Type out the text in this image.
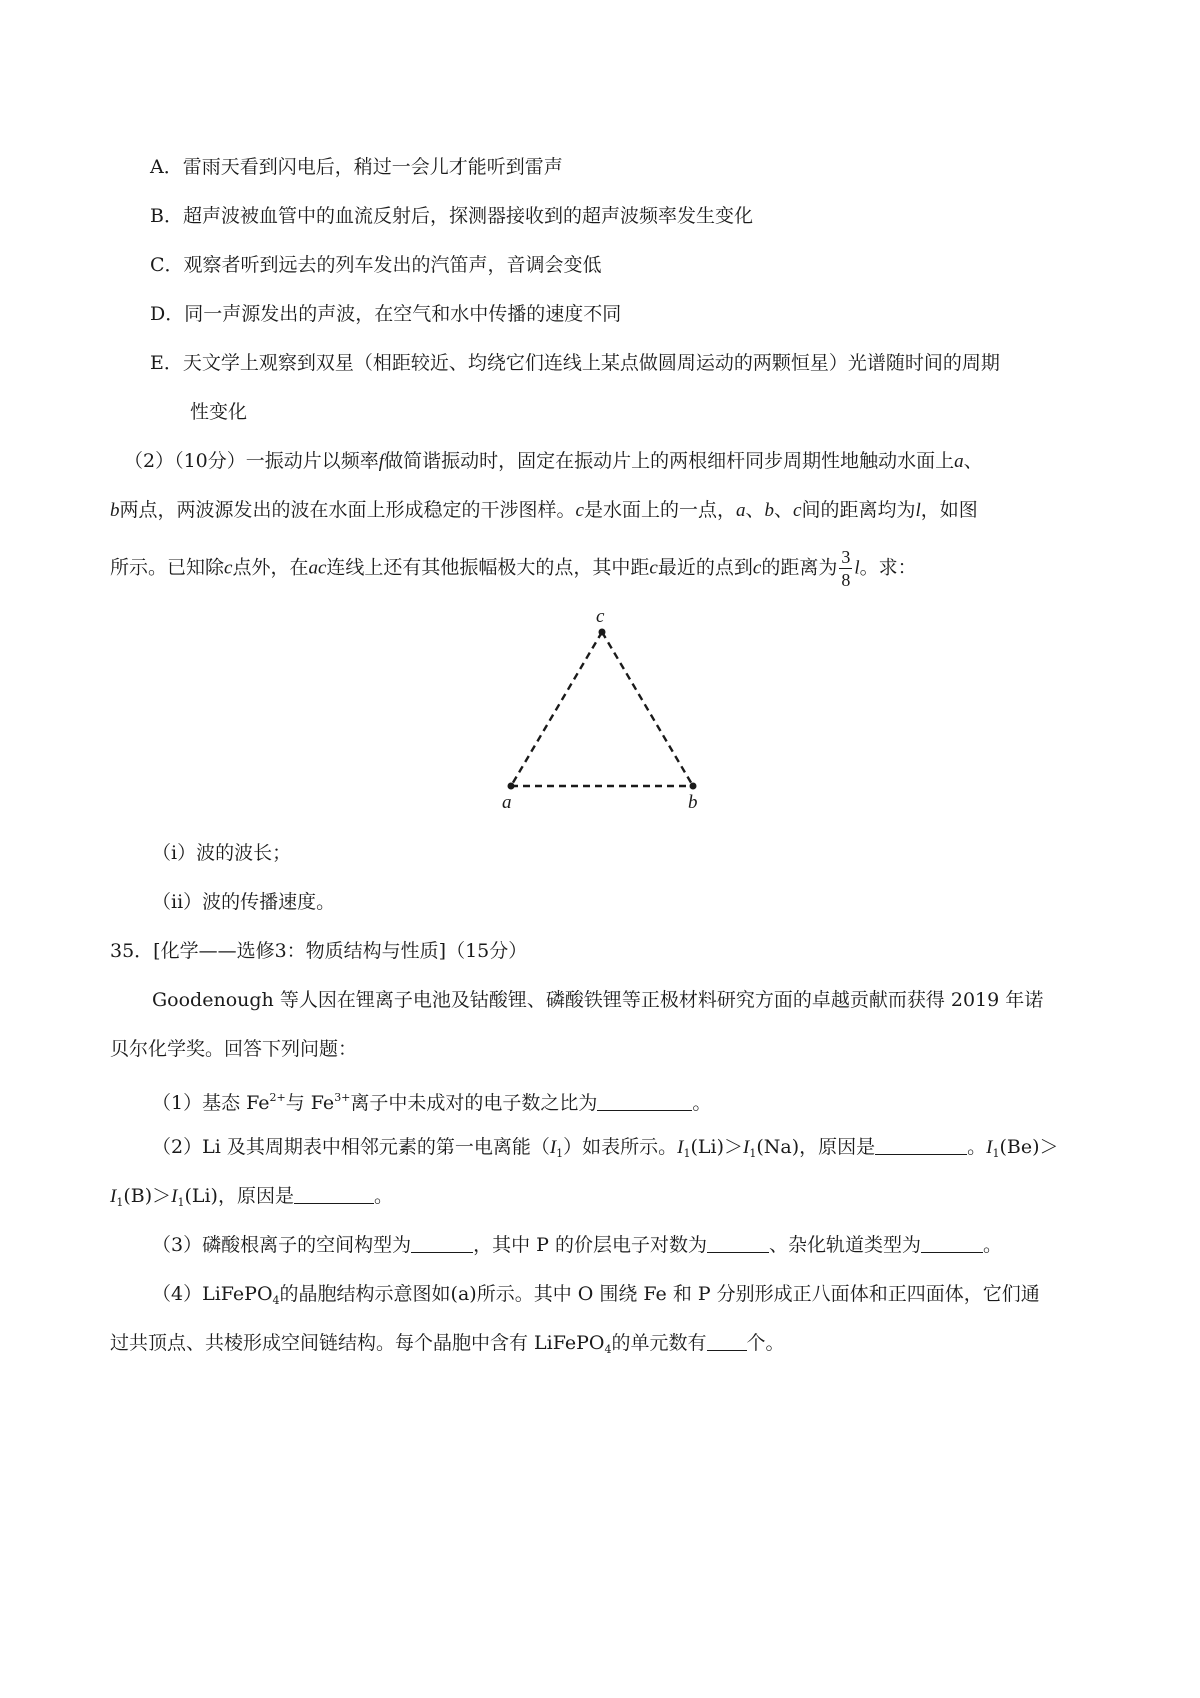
A．雷雨天看到闪电后，稍过一会儿才能听到雷声
B．超声波被血管中的血流反射后，探测器接收到的超声波频率发生变化
C．观察者听到远去的列车发出的汽笛声，音调会变低
D．同一声源发出的声波，在空气和水中传播的速度不同
E．天文学上观察到双星（相距较近、均绕它们连线上某点做圆周运动的两颗恒星）光谱随时间的周期
性变化
（2）（10分）一振动片以频率f做简谐振动时，固定在振动片上的两根细杆同步周期性地触动水面上a、
b两点，两波源发出的波在水面上形成稳定的干涉图样。c是水面上的一点，a、b、c间的距离均为l，如图
所示。已知除c点外，在ac连线上还有其他振幅极大的点，其中距c最近的点到c的距离为 $\frac{3}{8}$ l。求：
c
a	b
（i）波的波长；
（ii）波的传播速度。
35．[化学——选修3：物质结构与性质]（15分）
Goodenough 等人因在锂离子电池及钴酸锂、磷酸铁锂等正极材料研究方面的卓越贡献而获得 2019 年诺
贝尔化学奖。回答下列问题：
（1）基态 $Fe^{2+}$与 $Fe^{3+}$离子中未成对的电子数之比为	。
（2）Li 及其周期表中相邻元素的第一电离能$(I_1)$如表所示。$I_1(Li)>I_1(Na)$，原因是	。$I_1(Be)>$
$I_1(B)>I_1(Li)$，原因是	。
（3）磷酸根离子的空间构型为	，其中 P 的价层电子对数为	、杂化轨道类型为	。
（4）LiFePO$_4$的晶胞结构示意图如(a)所示。其中 O 围绕 Fe 和 P 分别形成正八面体和正四面体，它们通
过共顶点、共棱形成空间链结构。每个晶胞中含有 LiFePO$_4$的单元数有 个。
